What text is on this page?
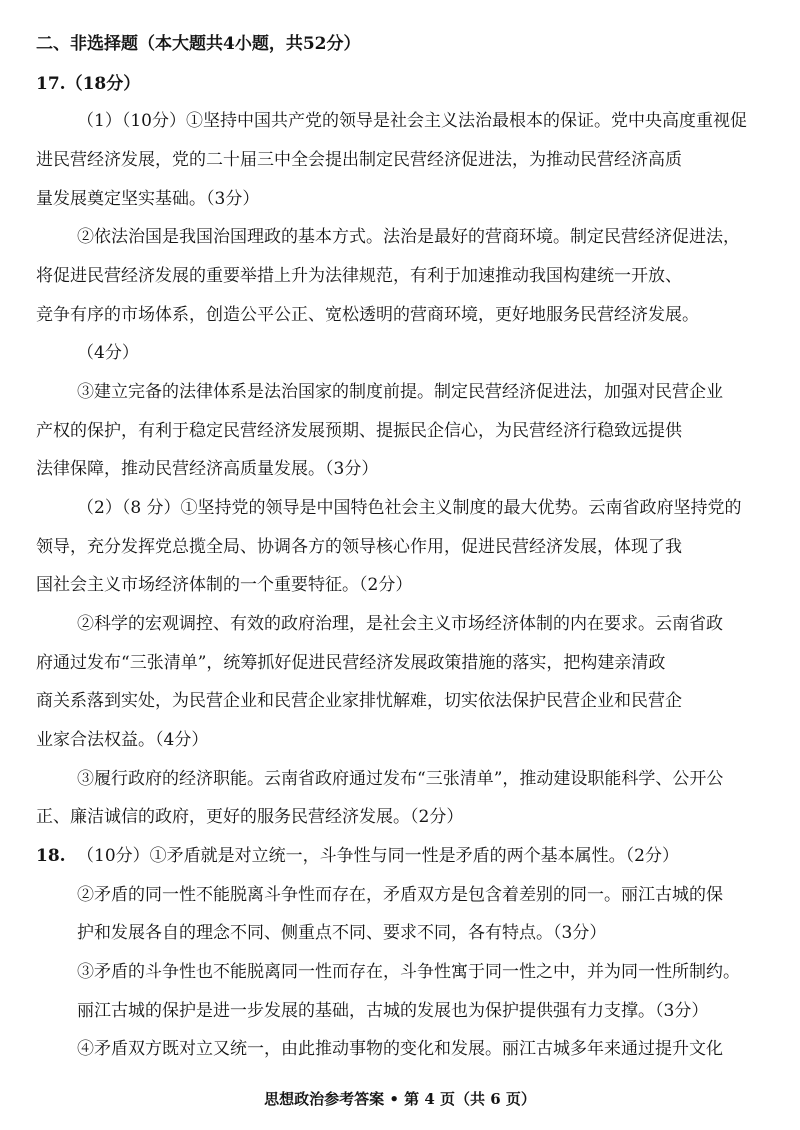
二、非选择题（本大题共4小题，共52分）

17.（18分）

（1）（10分）①坚持中国共产党的领导是社会主义法治最根本的保证。党中央高度重视促

进民营经济发展，党的二十届三中全会提出制定民营经济促进法，为推动民营经济高质

量发展奠定坚实基础。（3分）

②依法治国是我国治国理政的基本方式。法治是最好的营商环境。制定民营经济促进法，

将促进民营经济发展的重要举措上升为法律规范，有利于加速推动我国构建统一开放、

竞争有序的市场体系，创造公平公正、宽松透明的营商环境，更好地服务民营经济发展。

（4分）

③建立完备的法律体系是法治国家的制度前提。制定民营经济促进法，加强对民营企业

产权的保护，有利于稳定民营经济发展预期、提振民企信心，为民营经济行稳致远提供

法律保障，推动民营经济高质量发展。（3分）

（2）（8 分）①坚持党的领导是中国特色社会主义制度的最大优势。云南省政府坚持党的

领导，充分发挥党总揽全局、协调各方的领导核心作用，促进民营经济发展，体现了我

国社会主义市场经济体制的一个重要特征。（2分）

②科学的宏观调控、有效的政府治理，是社会主义市场经济体制的内在要求。云南省政

府通过发布“三张清单”，统筹抓好促进民营经济发展政策措施的落实，把构建亲清政

商关系落到实处，为民营企业和民营企业家排忧解难，切实依法保护民营企业和民营企

业家合法权益。（4分）

③履行政府的经济职能。云南省政府通过发布“三张清单”，推动建设职能科学、公开公

正、廉洁诚信的政府，更好的服务民营经济发展。（2分）

18. （10分）①矛盾就是对立统一，斗争性与同一性是矛盾的两个基本属性。（2分）

②矛盾的同一性不能脱离斗争性而存在，矛盾双方是包含着差别的同一。丽江古城的保

护和发展各自的理念不同、侧重点不同、要求不同，各有特点。（3分）

③矛盾的斗争性也不能脱离同一性而存在，斗争性寓于同一性之中，并为同一性所制约。

丽江古城的保护是进一步发展的基础，古城的发展也为保护提供强有力支撑。（3分）

④矛盾双方既对立又统一，由此推动事物的变化和发展。丽江古城多年来通过提升文化

思想政治参考答案 • 第 4 页（共 6 页）
